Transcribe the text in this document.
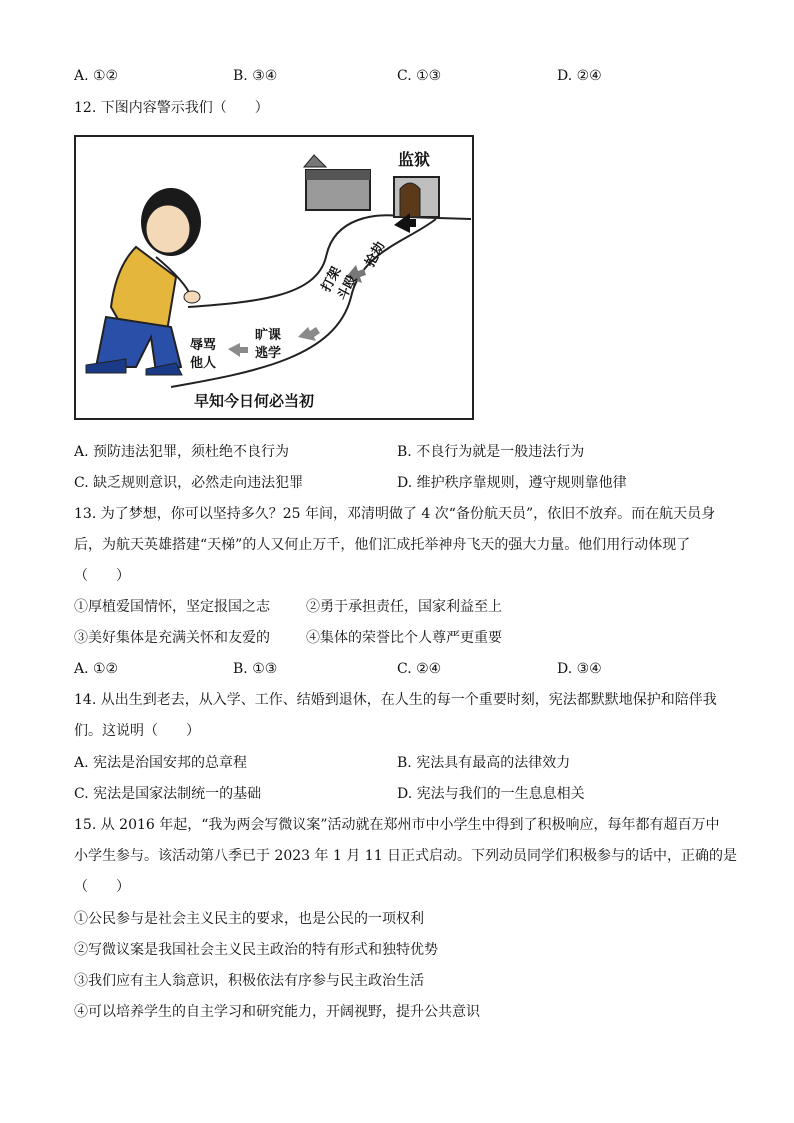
A. ①②	B. ③④	C. ①③	D. ②④
12. 下图内容警示我们（　　）
监狱
辱骂他人
旷课逃学
打架斗殴
抢劫
早知今日何必当初
A. 预防违法犯罪，须杜绝不良行为	B. 不良行为就是一般违法行为
C. 缺乏规则意识，必然走向违法犯罪	D. 维护秩序靠规则，遵守规则靠他律
13. 为了梦想，你可以坚持多久？25 年间，邓清明做了 4 次“备份航天员”，依旧不放弃。而在航天员身
后，为航天英雄搭建“天梯”的人又何止万千，他们汇成托举神舟飞天的强大力量。他们用行动体现了
（　　）
①厚植爱国情怀，坚定报国之志	②勇于承担责任，国家利益至上
③美好集体是充满关怀和友爱的	④集体的荣誉比个人尊严更重要
A. ①②	B. ①③	C. ②④	D. ③④
14. 从出生到老去，从入学、工作、结婚到退休，在人生的每一个重要时刻，宪法都默默地保护和陪伴我
们。这说明（　　）
A. 宪法是治国安邦的总章程	B. 宪法具有最高的法律效力
C. 宪法是国家法制统一的基础	D. 宪法与我们的一生息息相关
15. 从 2016 年起，“我为两会写微议案”活动就在郑州市中小学生中得到了积极响应，每年都有超百万中
小学生参与。该活动第八季已于 2023 年 1 月 11 日正式启动。下列动员同学们积极参与的话中，正确的是
（　　）
①公民参与是社会主义民主的要求，也是公民的一项权利
②写微议案是我国社会主义民主政治的特有形式和独特优势
③我们应有主人翁意识，积极依法有序参与民主政治生活
④可以培养学生的自主学习和研究能力，开阔视野，提升公共意识
